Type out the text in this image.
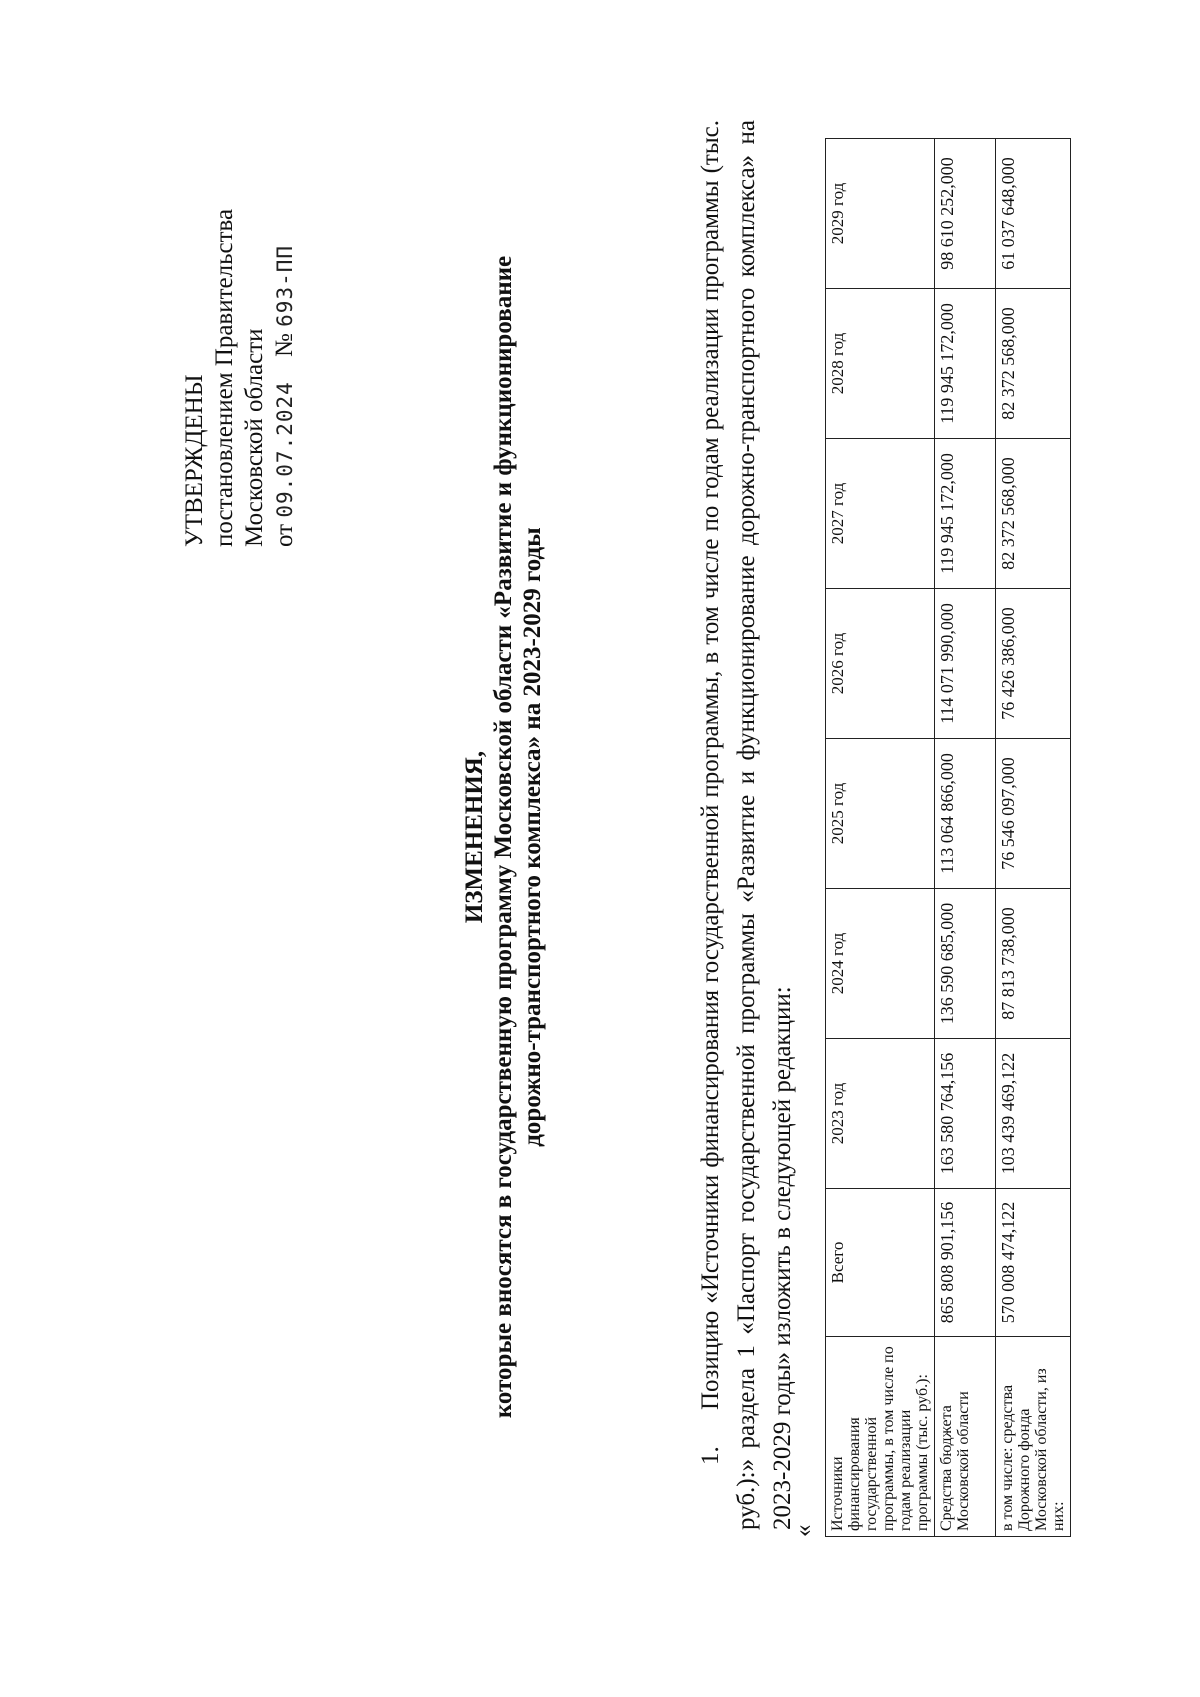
УТВЕРЖДЕНЫ постановлением Правительства Московской области от 09.07.2024 № 693-ПП
ИЗМЕНЕНИЯ, которые вносятся в государственную программу Московской области «Развитие и функционирование дорожно-транспортного комплекса» на 2023-2029 годы
1.Позицию «Источники финансирования государственной программы, в том числе по годам реализации программы (тыс. руб.):» раздела 1 «Паспорт государственной программы «Развитие и функционирование дорожно-транспортного комплекса» на 2023-2029 годы» изложить в следующей редакции:
« Источники финансирования государственной программы, в том числе по годам реализации программы (тыс. руб.):	Всего	2023 год	2024 год	2025 год	2026 год	2027 год	2028 год	2029 год
Средства бюджета Московской области	865 808 901,156	163 580 764,156	136 590 685,000	113 064 866,000	114 071 990,000	119 945 172,000	119 945 172,000	98 610 252,000
в том числе: средства Дорожного фонда Московской области, из них:	570 008 474,122	103 439 469,122	87 813 738,000	76 546 097,000	76 426 386,000	82 372 568,000	82 372 568,000	61 037 648,000
